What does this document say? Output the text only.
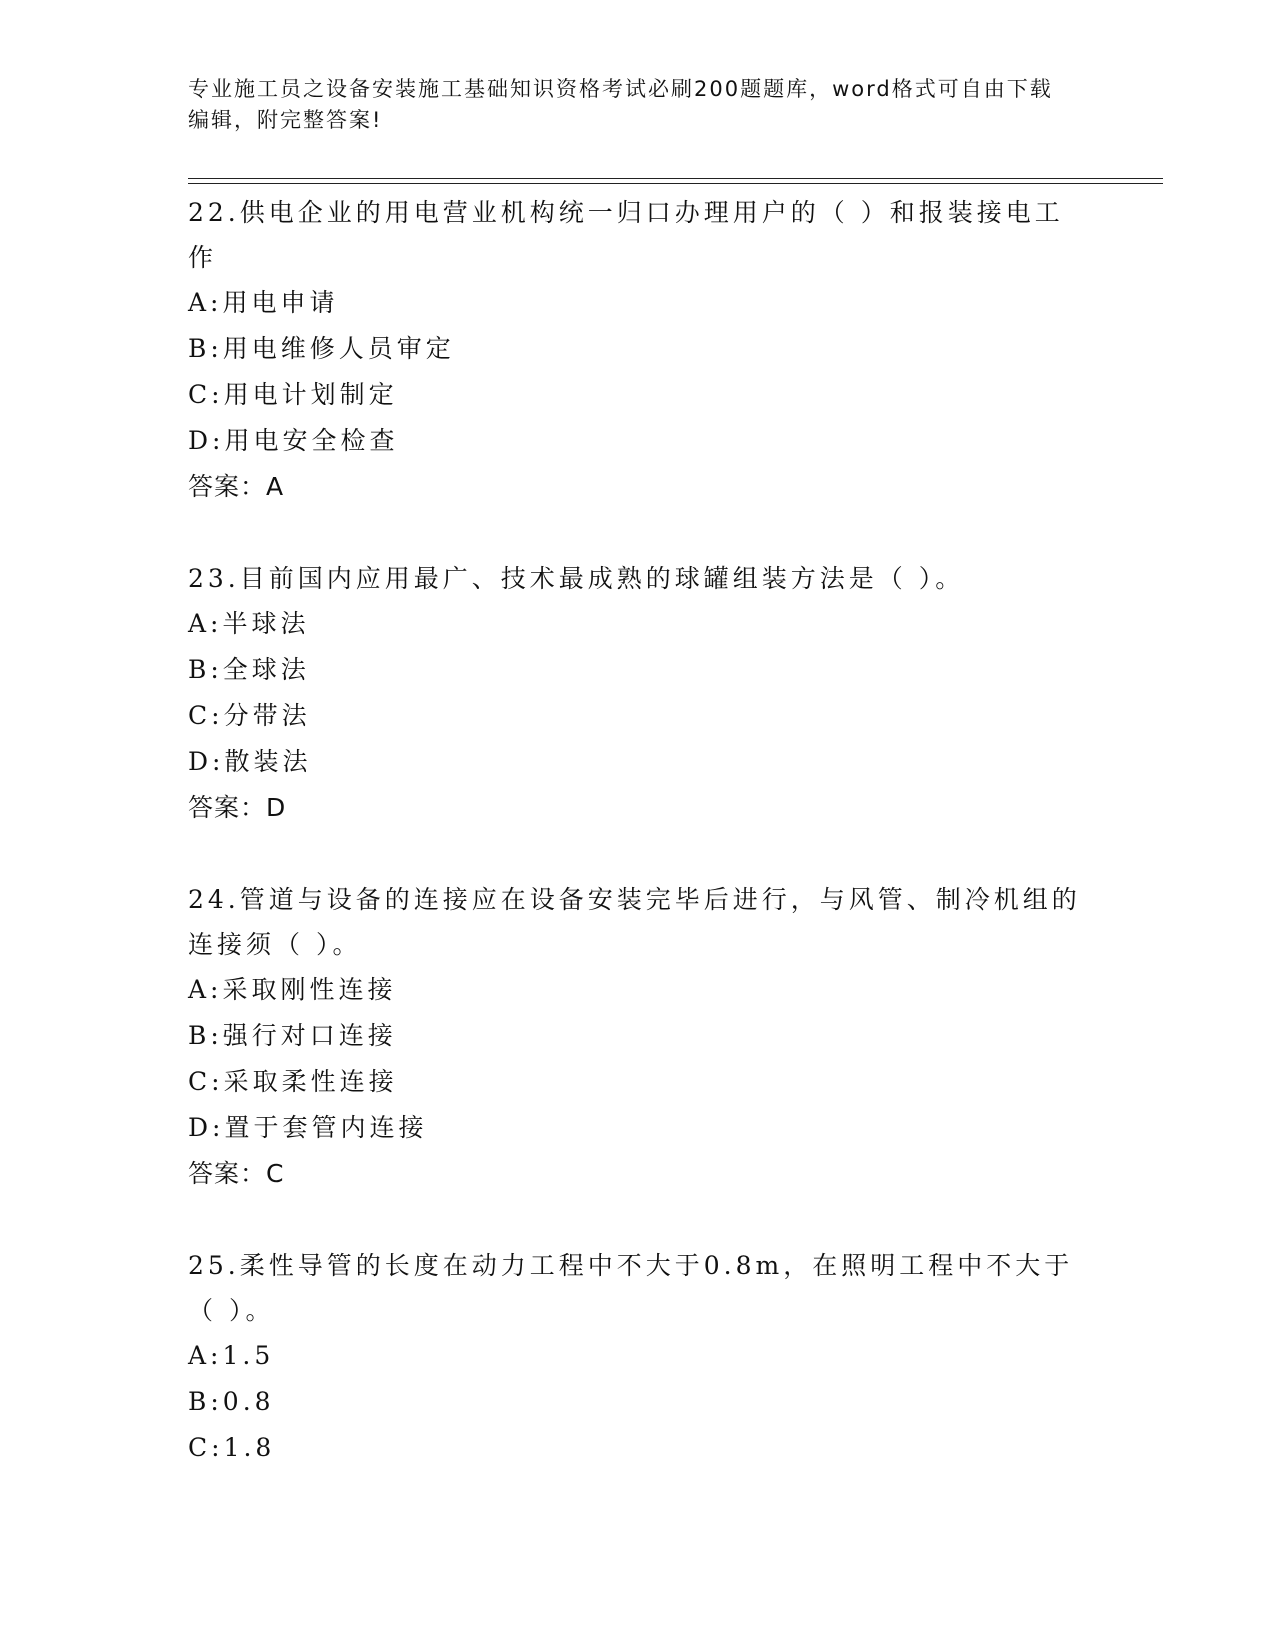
专业施工员之设备安装施工基础知识资格考试必刷200题题库，word格式可自由下载编辑，附完整答案!
22.供电企业的用电营业机构统一归口办理用户的（ ）和报装接电工作
A:用电申请
B:用电维修人员审定
C:用电计划制定
D:用电安全检查
答案：A
23.目前国内应用最广、技术最成熟的球罐组装方法是（ ）。
A:半球法
B:全球法
C:分带法
D:散装法
答案：D
24.管道与设备的连接应在设备安装完毕后进行，与风管、制冷机组的连接须（ ）。
A:采取刚性连接
B:强行对口连接
C:采取柔性连接
D:置于套管内连接
答案：C
25.柔性导管的长度在动力工程中不大于0.8m，在照明工程中不大于（ ）。
A:1.5
B:0.8
C:1.8
